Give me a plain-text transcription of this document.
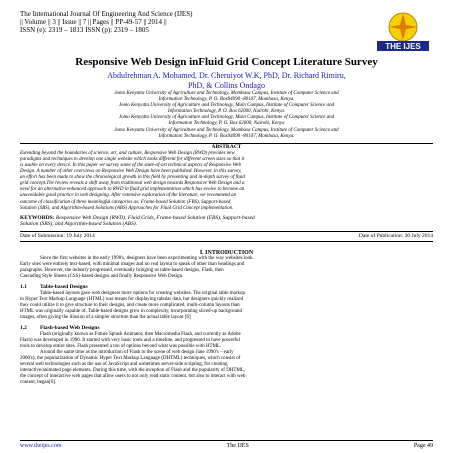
The International Journal Of Engineering And Science (IJES)
|| Volume || 3 || Issue || 7 || Pages || PP-49-57 || 2014 ||
ISSN (e): 2319 – 1813 ISSN (p): 2319 – 1805
THE IJES
Responsive Web Design inFluid Grid Concept Literature Survey
Abdulrehman A. Mohamed, Dr. Cheruiyot W.K, PhD, Dr. Richard Rimiru,
PhD, & Collins Ondago
Jomo Kenyatta University of Agriculture and Technology, Mombasa Campus, Institute of Computer Science and
Information Technology, P. O. Box94090 -80107, Mombasa, Kenya.
Jomo Kenyatta University of Agriculture and Technology, Main Campus, Institute of Computer Science and
Information Technology, P. O. Box 62000, Nairobi, Kenya.
Jomo Kenyatta University of Agriculture and Technology, Main Campus, Institute of Computer Science and
Information Technology, P. O. Box 62000, Nairobi, Kenya
Jomo Kenyatta University of Agriculture and Technology, Mombasa Campus, Institute of Computer Science and
Information Technology, P. O. Box94090 -80107, Mombasa, Kenya.
ABSTRACT
Extending beyond the boundaries of science, art, and culture, Responsive Web Design (RWD) provides new
paradigms and techniques to develop one single website which looks different for different screen sizes so that it
is usable on every device. In this paper we survey some of the state-of-art technical aspects of Responsive Web
Design. A number of other overviews on Responsive Web Design have been published. However, in this survey,
an effort has been made to show the chronological growth in this field by presenting and in-depth survey of fluid
grid concept.The review reveals a shift away from traditional web design towards Responsive Web Design and a
need for an alternative enhanced approach to RWD in fluid grid implementation which has evolve to become an
unavoidable good practice in web designing. After extensive exploration of the literature, we recommend an
outcome of classification of three meaningful categories as: Frame-based Solution (FBS), Support-based
Solution (SBS), and Algorithm-based Solutions (ABS) Approaches for Fluid Grid Concept implementation.
KEYWORDS: Responsive Web Design (RWD), Fluid Grids, Frame-based Solution (FBS), Support-based
Solution (SBS), and Algorithm-based Solution (ABS).
Date of Submission: 19 July 2014	Date of Publication: 30 July 2014
I. INTRODUCTION
Since the first websites in the early 1990's, designers have been experimenting with the way websites look.
Early sites were entirely text-based, with minimal images and no real layout to speak of other than headings and
paragraphs. However, the industry progressed, eventually bringing us table-based designs, Flash, then
Cascading Style Sheets (CSS)-based designs and finally Responsive Web Design.
1.1 Table-based Designs
Table-based layouts gave web designers more options for creating websites. The original table markup
in Hyper Text Markup Language (HTML) was meant for displaying tabular data, but designers quickly realized
they could utilize it to give structure to their designs, and create more complicated, multi-column layouts than
HTML was originally capable of. Table-based designs grew in complexity, incorporating sliced-up background
images, often giving the illusion of a simpler structure than the actual table layout [6]
1.2 Flash-based Web Designs
Flash (originally known as Future Splash Animator, then Macromedia Flash, and currently as Adobe
Flash) was developed in 1996. It started with very basic tools and a timeline, and progressed to have powerful
tools to develop entire sites. Flash presented a ton of options beyond what was possible with HTML.
Around the same time as the introduction of Flash to the scene of web design (late 1990's – early
2000's), the popularization of Dynamic Hyper Text Markup Language (DHTML) techniques, which consist of
several web technologies such as the use of JavaScript and sometimes server-side scripting, for creating
interactive/animated page elements. During this time, with the inception of Flash and the popularity of DHTML,
the concept of interactive web pages that allow users to not only read static content, but also to interact with web
content, began[6].
www.theijes.com	The IJES	Page 49
